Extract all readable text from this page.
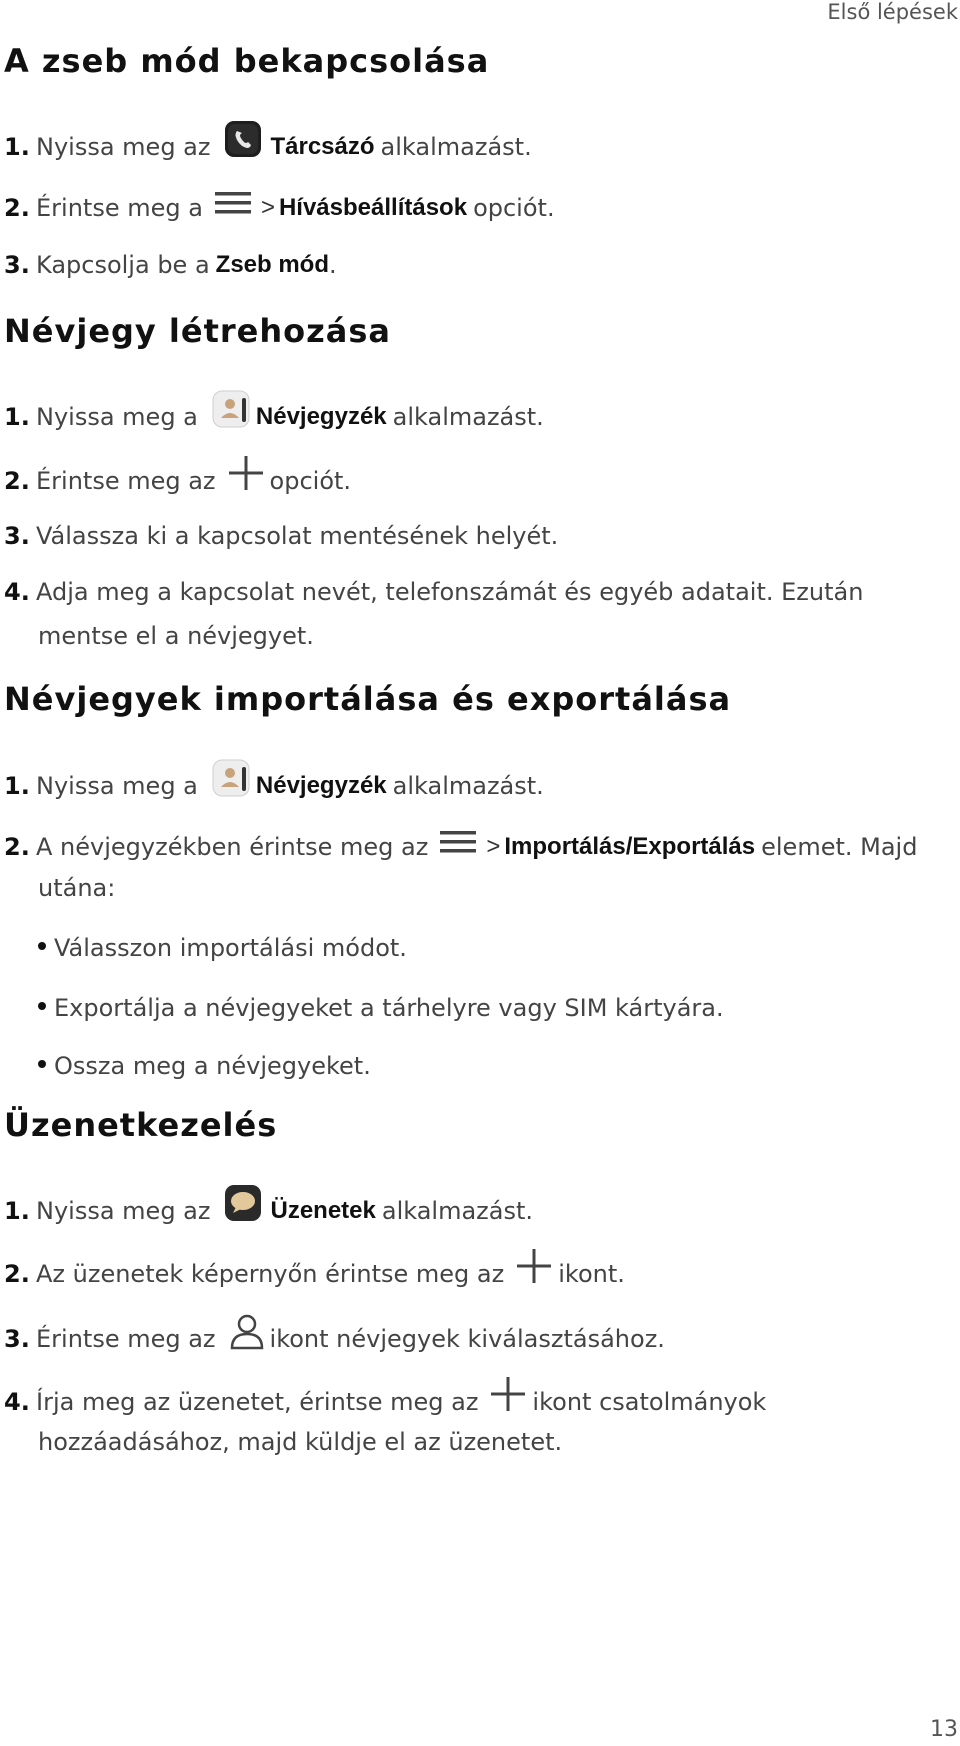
Első lépések
A zseb mód bekapcsolása
1. Nyissa meg az	Tárcsázó alkalmazást.
2. Érintse meg a > Hívásbeállítások opciót.
3. Kapcsolja be a Zseb mód .
Névjegy létrehozása
1. Nyissa meg a Névjegyzék alkalmazást.
2. Érintse meg az opciót.
3. Válassza ki a kapcsolat mentésének helyét.
4. Adja meg a kapcsolat nevét, telefonszámát és egyéb adatait. Ezután
mentse el a névjegyet.
Névjegyek importálása és exportálása
1. Nyissa meg a Névjegyzék alkalmazást.
2. A névjegyzékben érintse meg az > Importálás/Exportálás elemet. Majd
utána:
Válasszon importálási módot.
Exportálja a névjegyeket a tárhelyre vagy SIM kártyára.
Ossza meg a névjegyeket.
Üzenetkezelés
1. Nyissa meg az	Üzenetek alkalmazást.
2. Az üzenetek képernyőn érintse meg az ikont.
3. Érintse meg az ikont névjegyek kiválasztásához.
4. Írja meg az üzenetet, érintse meg az ikont csatolmányok
hozzáadásához, majd küldje el az üzenetet.
13
